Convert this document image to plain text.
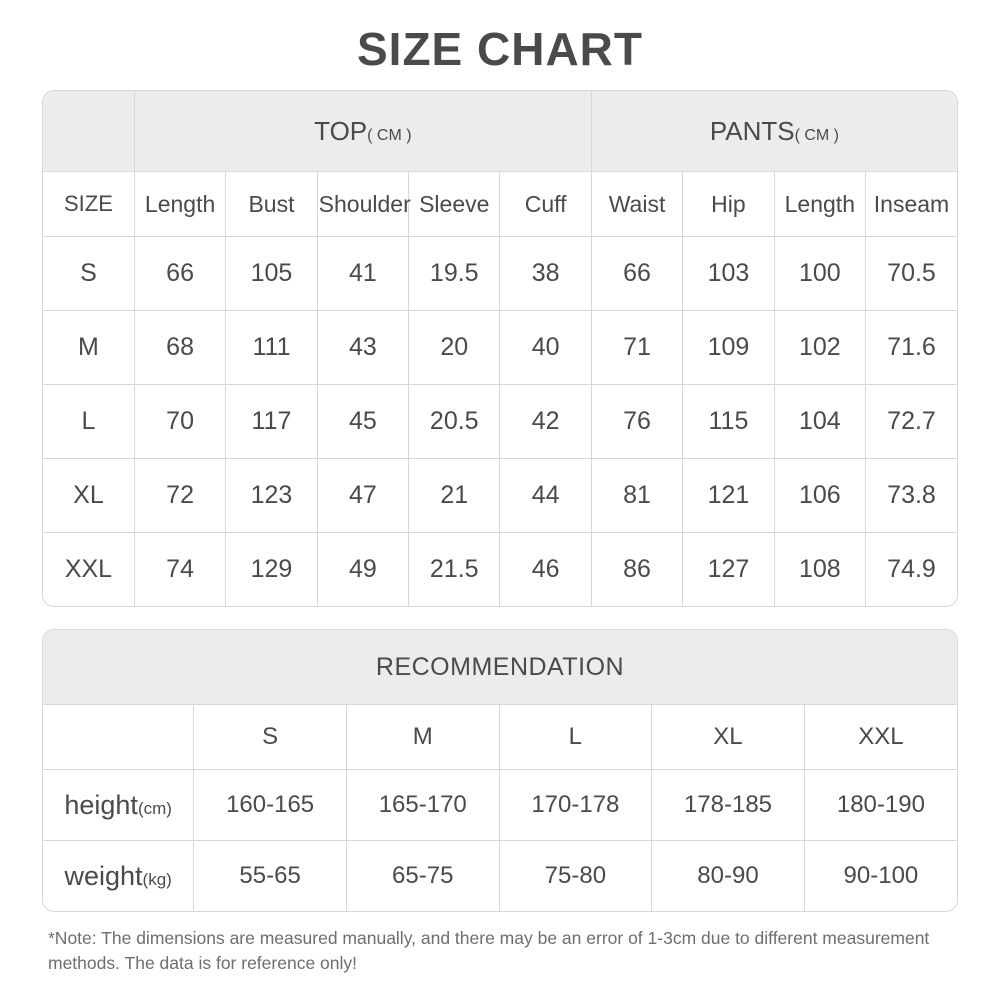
SIZE CHART
	TOP( CM )					PANTS( CM )			
SIZE	Length	Bust	Shoulder	Sleeve	Cuff	Waist	Hip	Length	Inseam
S	66	105	41	19.5	38	66	103	100	70.5
M	68	111	43	20	40	71	109	102	71.6
L	70	117	45	20.5	42	76	115	104	72.7
XL	72	123	47	21	44	81	121	106	73.8
XXL	74	129	49	21.5	46	86	127	108	74.9
RECOMMENDATION					
	S	M	L	XL	XXL
height(cm)	160-165	165-170	170-178	178-185	180-190
weight(kg)	55-65	65-75	75-80	80-90	90-100
*Note: The dimensions are measured manually, and there may be an error of 1-3cm due to different measurement methods. The data is for reference only!
